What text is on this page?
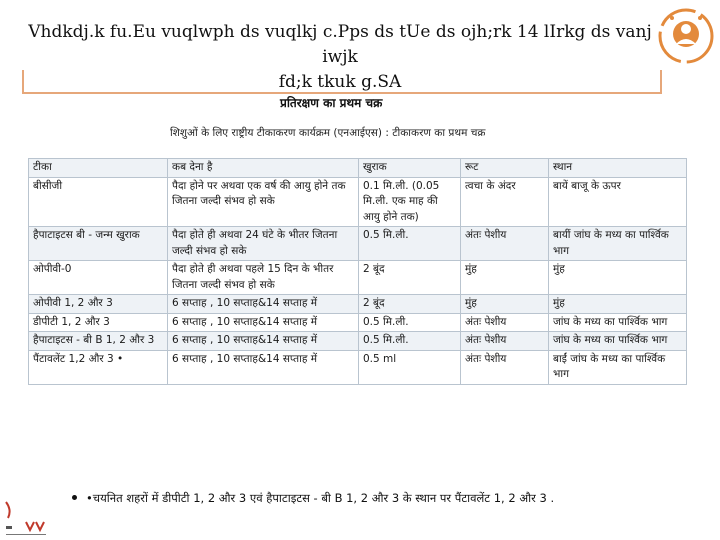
Vhdkdj.k fu.Eu vuqlwph ds vuqlkj c.Pps ds tUe ds ojh;rk 14 lIrkg ds vanj iwjk
fd;k tkuk g.SA
प्रतिरक्षण का प्रथम चक्र
शिशुओं के लिए राष्ट्रीय टीकाकरण कार्यक्रम (एनआईएस) : टीकाकरण का प्रथम चक्र
टीका	कब देना है	खुराक	रूट	स्थान
बीसीजी	पैदा होने पर अथवा एक वर्ष की आयु होने तक जितना जल्दी संभव हो सके	0.1 मि.ली. (0.05 मि.ली. एक माह की आयु होने तक)	त्वचा के अंदर	बायें बाजू के ऊपर
हैपाटाइटस बी - जन्म खुराक	पैदा होते ही अथवा 24 घंटे के भीतर जितना जल्दी संभव हो सके	0.5 मि.ली.	अंतः पेशीय	बायीं जांघ के मध्य का पार्श्विक भाग
ओपीवी-0	पैदा होते ही अथवा पहले 15 दिन के भीतर जितना जल्दी संभव हो सके	2 बूंद	मुंह	मुंह
ओपीवी 1, 2 और 3	6 सप्ताह , 10 सप्ताह&14 सप्ताह में	2 बूंद	मुंह	मुंह
डीपीटी 1, 2 और 3	6 सप्ताह , 10 सप्ताह&14 सप्ताह में	0.5 मि.ली.	अंतः पेशीय	जांघ के मध्य का पार्श्विक भाग
हैपाटाइटस - बी B 1, 2 और 3	6 सप्ताह , 10 सप्ताह&14 सप्ताह में	0.5 मि.ली.	अंतः पेशीय	जांघ के मध्य का पार्श्विक भाग
पैंटावलेंट 1,2 और 3 •	6 सप्ताह , 10 सप्ताह&14 सप्ताह में	0.5 ml	अंतः पेशीय	बाईं जांघ के मध्य का पार्श्विक भाग
•चयनित शहरों में डीपीटी 1, 2 और 3 एवं हैपाटाइटस - बी B 1, 2 और 3 के स्थान पर पैंटावलेंट 1, 2 और 3 .
